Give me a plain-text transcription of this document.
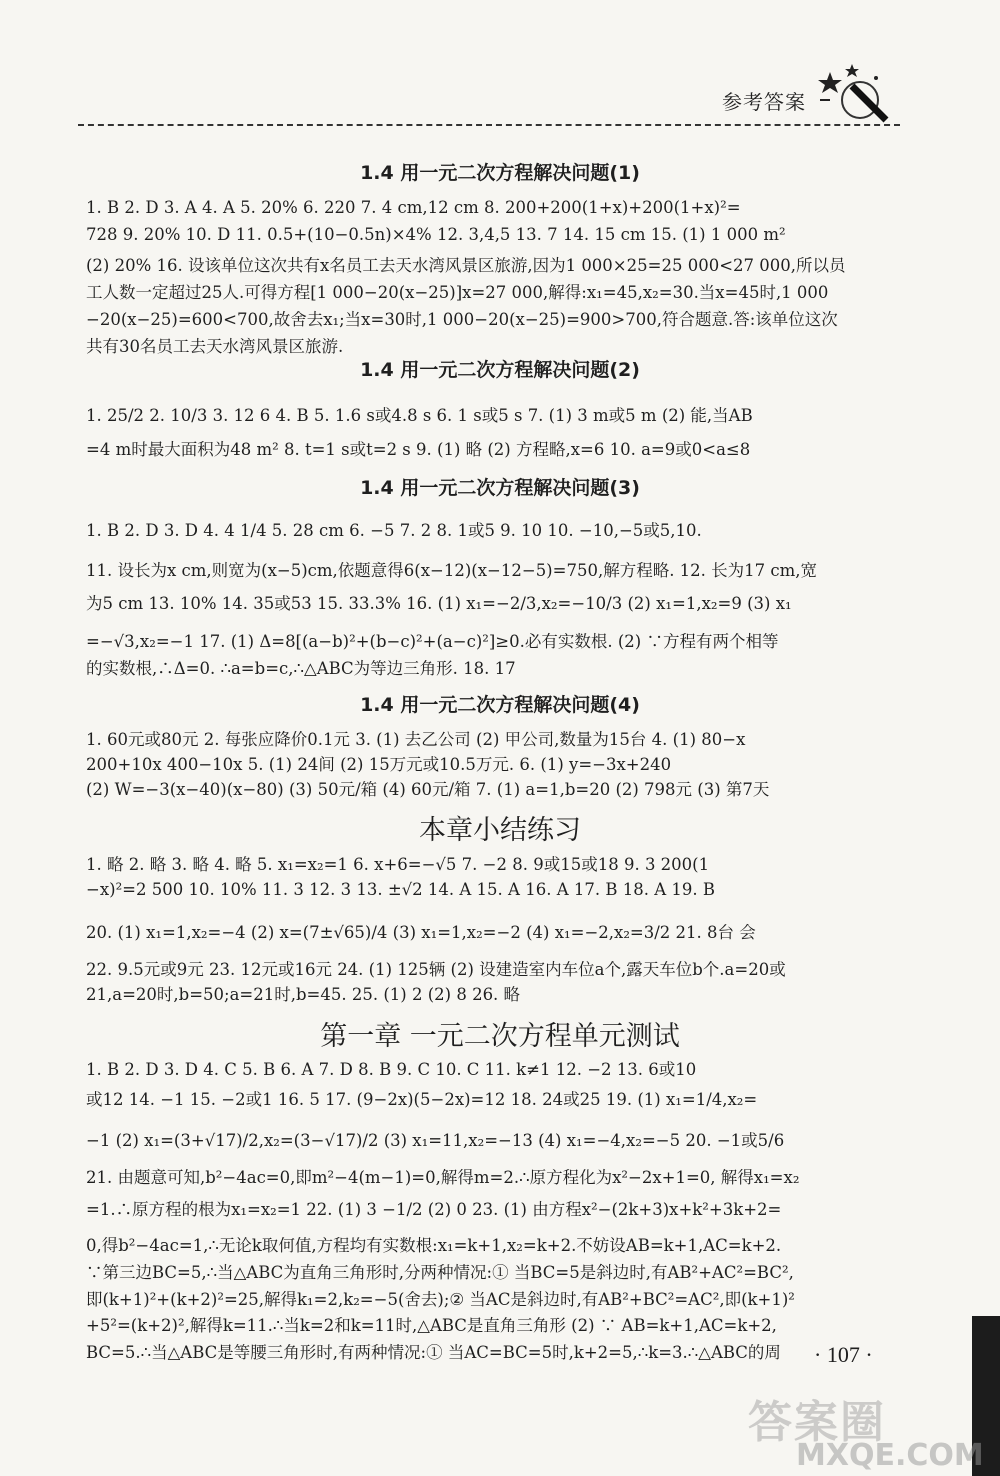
参考答案
1.4 用一元二次方程解决问题(1)
1. B 2. D 3. A 4. A 5. 20% 6. 220 7. 4 cm,12 cm 8. 200+200(1+x)+200(1+x)²=
728 9. 20% 10. D 11. 0.5+(10−0.5n)×4% 12. 3,4,5 13. 7 14. 15 cm 15. (1) 1 000 m²
(2) 20% 16. 设该单位这次共有x名员工去天水湾风景区旅游,因为1 000×25=25 000<27 000,所以员
工人数一定超过25人.可得方程[1 000−20(x−25)]x=27 000,解得:x₁=45,x₂=30.当x=45时,1 000
−20(x−25)=600<700,故舍去x₁;当x=30时,1 000−20(x−25)=900>700,符合题意.答:该单位这次
共有30名员工去天水湾风景区旅游.
1.4 用一元二次方程解决问题(2)
1. 25/2 2. 10/3 3. 12 6 4. B 5. 1.6 s或4.8 s 6. 1 s或5 s 7. (1) 3 m或5 m (2) 能,当AB
=4 m时最大面积为48 m² 8. t=1 s或t=2 s 9. (1) 略 (2) 方程略,x=6 10. a=9或0<a≤8
1.4 用一元二次方程解决问题(3)
1. B 2. D 3. D 4. 4 1/4 5. 28 cm 6. −5 7. 2 8. 1或5 9. 10 10. −10,−5或5,10.
11. 设长为x cm,则宽为(x−5)cm,依题意得6(x−12)(x−12−5)=750,解方程略. 12. 长为17 cm,宽
为5 cm 13. 10% 14. 35或53 15. 33.3% 16. (1) x₁=−2/3,x₂=−10/3 (2) x₁=1,x₂=9 (3) x₁
=−√3,x₂=−1 17. (1) Δ=8[(a−b)²+(b−c)²+(a−c)²]≥0.必有实数根. (2) ∵方程有两个相等
的实数根,∴Δ=0. ∴a=b=c,∴△ABC为等边三角形. 18. 17
1.4 用一元二次方程解决问题(4)
1. 60元或80元 2. 每张应降价0.1元 3. (1) 去乙公司 (2) 甲公司,数量为15台 4. (1) 80−x
200+10x 400−10x 5. (1) 24间 (2) 15万元或10.5万元. 6. (1) y=−3x+240
(2) W=−3(x−40)(x−80) (3) 50元/箱 (4) 60元/箱 7. (1) a=1,b=20 (2) 798元 (3) 第7天
本章小结练习
1. 略 2. 略 3. 略 4. 略 5. x₁=x₂=1 6. x+6=−√5 7. −2 8. 9或15或18 9. 3 200(1
−x)²=2 500 10. 10% 11. 3 12. 3 13. ±√2 14. A 15. A 16. A 17. B 18. A 19. B
20. (1) x₁=1,x₂=−4 (2) x=(7±√65)/4 (3) x₁=1,x₂=−2 (4) x₁=−2,x₂=3/2 21. 8台 会
22. 9.5元或9元 23. 12元或16元 24. (1) 125辆 (2) 设建造室内车位a个,露天车位b个.a=20或
21,a=20时,b=50;a=21时,b=45. 25. (1) 2 (2) 8 26. 略
第一章 一元二次方程单元测试
1. B 2. D 3. D 4. C 5. B 6. A 7. D 8. B 9. C 10. C 11. k≠1 12. −2 13. 6或10
或12 14. −1 15. −2或1 16. 5 17. (9−2x)(5−2x)=12 18. 24或25 19. (1) x₁=1/4,x₂=
−1 (2) x₁=(3+√17)/2,x₂=(3−√17)/2 (3) x₁=11,x₂=−13 (4) x₁=−4,x₂=−5 20. −1或5/6
21. 由题意可知,b²−4ac=0,即m²−4(m−1)=0,解得m=2.∴原方程化为x²−2x+1=0, 解得x₁=x₂
=1.∴原方程的根为x₁=x₂=1 22. (1) 3 −1/2 (2) 0 23. (1) 由方程x²−(2k+3)x+k²+3k+2=
0,得b²−4ac=1,∴无论k取何值,方程均有实数根:x₁=k+1,x₂=k+2.不妨设AB=k+1,AC=k+2.
∵第三边BC=5,∴当△ABC为直角三角形时,分两种情况:① 当BC=5是斜边时,有AB²+AC²=BC²,
即(k+1)²+(k+2)²=25,解得k₁=2,k₂=−5(舍去);② 当AC是斜边时,有AB²+BC²=AC²,即(k+1)²
+5²=(k+2)²,解得k=11.∴当k=2和k=11时,△ABC是直角三角形 (2) ∵ AB=k+1,AC=k+2,
BC=5.∴当△ABC是等腰三角形时,有两种情况:① 当AC=BC=5时,k+2=5,∴k=3.∴△ABC的周	· 107 ·
答案圈
MXQE.COM
